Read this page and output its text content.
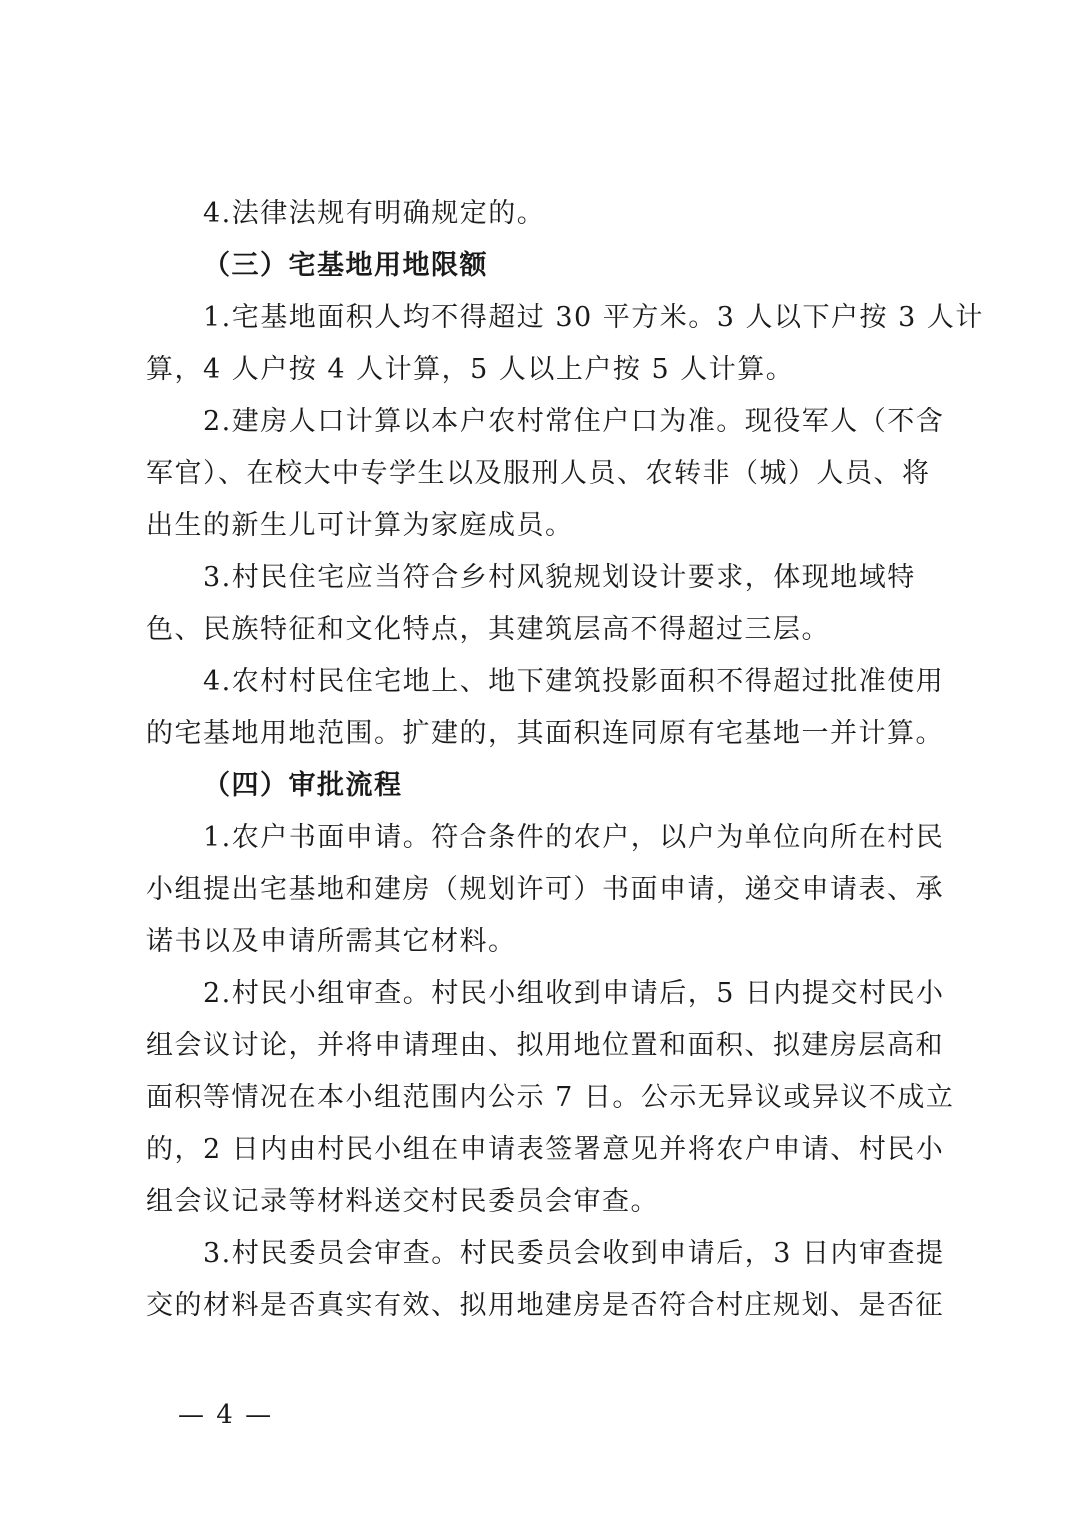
4.法律法规有明确规定的。
（三）宅基地用地限额
1.宅基地面积人均不得超过 30 平方米。3 人以下户按 3 人计
算，4 人户按 4 人计算，5 人以上户按 5 人计算。
2.建房人口计算以本户农村常住户口为准。现役军人（不含
军官）、在校大中专学生以及服刑人员、农转非（城）人员、将
出生的新生儿可计算为家庭成员。
3.村民住宅应当符合乡村风貌规划设计要求，体现地域特
色、民族特征和文化特点，其建筑层高不得超过三层。
4.农村村民住宅地上、地下建筑投影面积不得超过批准使用
的宅基地用地范围。扩建的，其面积连同原有宅基地一并计算。
（四）审批流程
1.农户书面申请。符合条件的农户，以户为单位向所在村民
小组提出宅基地和建房（规划许可）书面申请，递交申请表、承
诺书以及申请所需其它材料。
2.村民小组审查。村民小组收到申请后，5 日内提交村民小
组会议讨论，并将申请理由、拟用地位置和面积、拟建房层高和
面积等情况在本小组范围内公示 7 日。公示无异议或异议不成立
的，2 日内由村民小组在申请表签署意见并将农户申请、村民小
组会议记录等材料送交村民委员会审查。
3.村民委员会审查。村民委员会收到申请后，3 日内审查提
交的材料是否真实有效、拟用地建房是否符合村庄规划、是否征
— 4 —
